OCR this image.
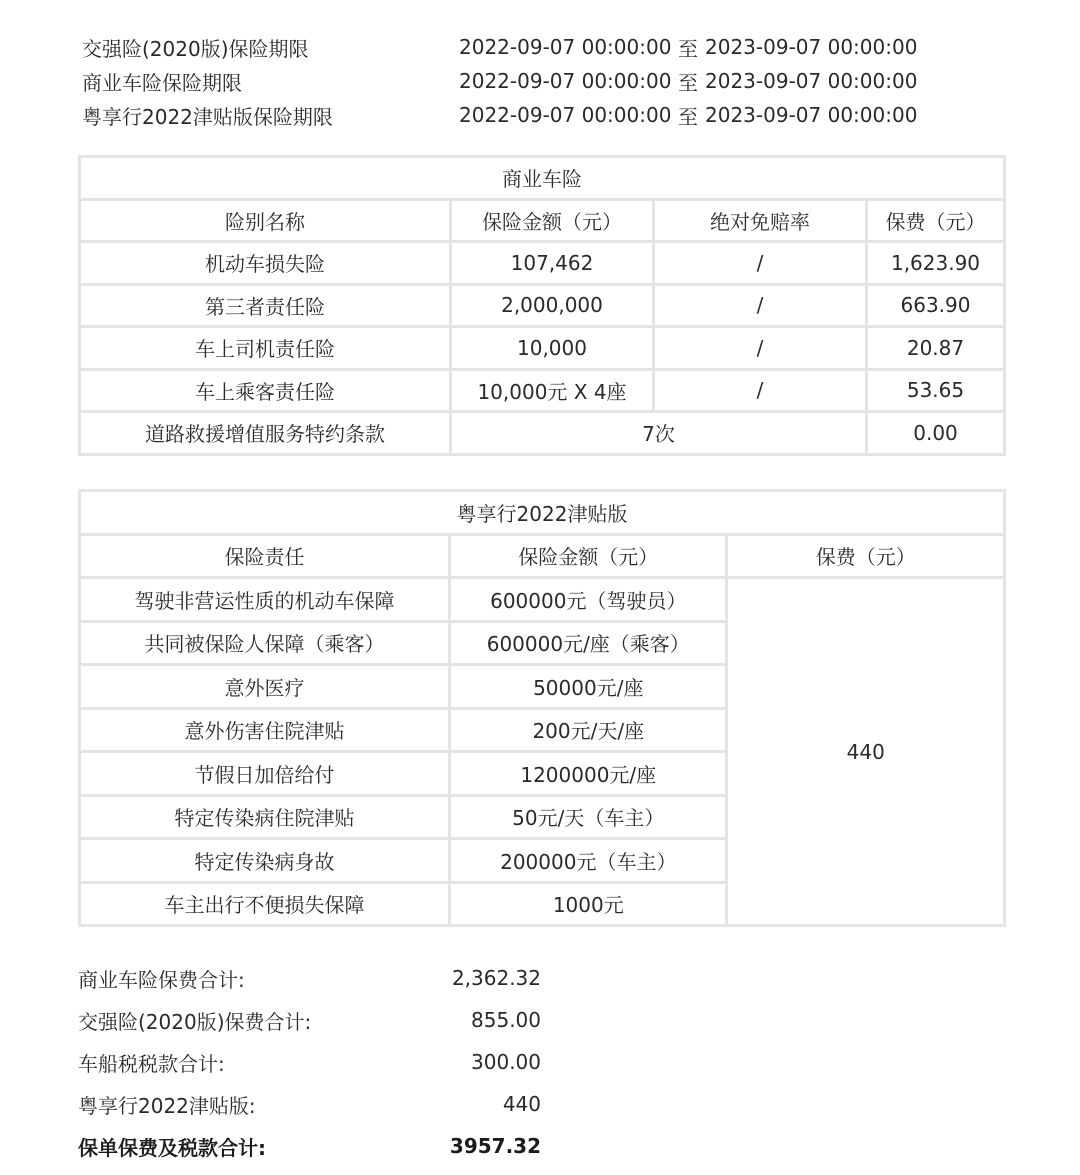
交强险(2020版)保险期限	2022-09-07 00:00:00 至 2023-09-07 00:00:00
商业车险保险期限	2022-09-07 00:00:00 至 2023-09-07 00:00:00
粤享行2022津贴版保险期限	2022-09-07 00:00:00 至 2023-09-07 00:00:00
商业车险			
险别名称	保险金额（元）	绝对免赔率	保费（元）
机动车损失险	107,462	/	1,623.90
第三者责任险	2,000,000	/	663.90
车上司机责任险	10,000	/	20.87
车上乘客责任险	10,000元 X 4座	/	53.65
道路救援增值服务特约条款	7次		0.00
粤享行2022津贴版		
保险责任	保险金额（元）	保费（元）
驾驶非营运性质的机动车保障	600000元（驾驶员）	440
共同被保险人保障（乘客）	600000元/座（乘客）	
意外医疗	50000元/座	
意外伤害住院津贴	200元/天/座	
节假日加倍给付	1200000元/座	
特定传染病住院津贴	50元/天（车主）	
特定传染病身故	200000元（车主）	
车主出行不便损失保障	1000元	
商业车险保费合计:	2,362.32
交强险(2020版)保费合计:	855.00
车船税税款合计:	300.00
粤享行2022津贴版:	440
保单保费及税款合计:	3957.32
